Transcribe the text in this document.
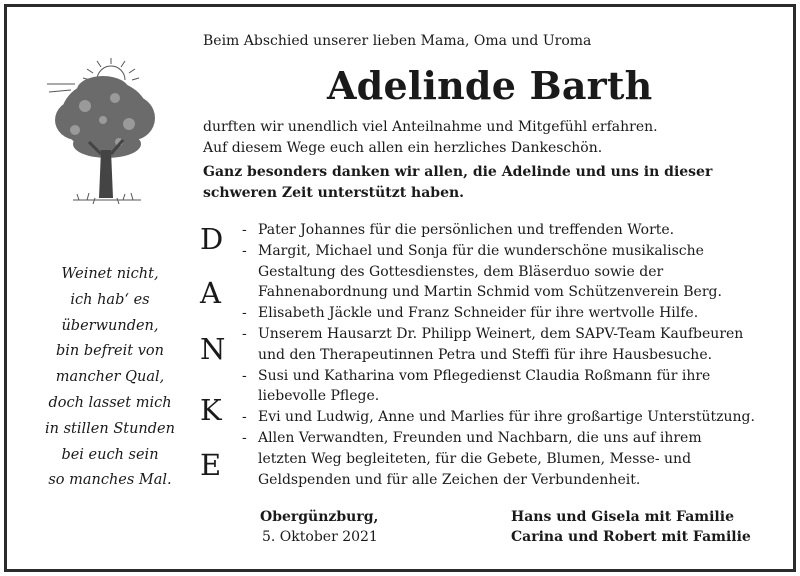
Beim Abschied unserer lieben Mama, Oma und Uroma
Adelinde Barth
durften wir unendlich viel Anteilnahme und Mitgefühl erfahren.
Auf diesem Wege euch allen ein herzliches Dankeschön.
Ganz besonders danken wir allen, die Adelinde und uns in dieser
schweren Zeit unterstützt haben.
D
A
N
K
E
- Pater Johannes für die persönlichen und treffenden Worte.
- Margit, Michael und Sonja für die wunderschöne musikalische
Gestaltung des Gottesdienstes, dem Bläserduo sowie der
Fahnenabordnung und Martin Schmid vom Schützenverein Berg.
- Elisabeth Jäckle und Franz Schneider für ihre wertvolle Hilfe.
- Unserem Hausarzt Dr. Philipp Weinert, dem SAPV-Team Kaufbeuren
und den Therapeutinnen Petra und Steffi für ihre Hausbesuche.
- Susi und Katharina vom Pflegedienst Claudia Roßmann für ihre
liebevolle Pflege.
- Evi und Ludwig, Anne und Marlies für ihre großartige Unterstützung.
- Allen Verwandten, Freunden und Nachbarn, die uns auf ihrem
letzten Weg begleiteten, für die Gebete, Blumen, Messe- und
Geldspenden und für alle Zeichen der Verbundenheit.
Weinet nicht,
ich hab‘ es
überwunden,
bin befreit von
mancher Qual,
doch lasset mich
in stillen Stunden
bei euch sein
so manches Mal.
Obergünzburg,
5. Oktober 2021
Hans und Gisela mit Familie
Carina und Robert mit Familie
